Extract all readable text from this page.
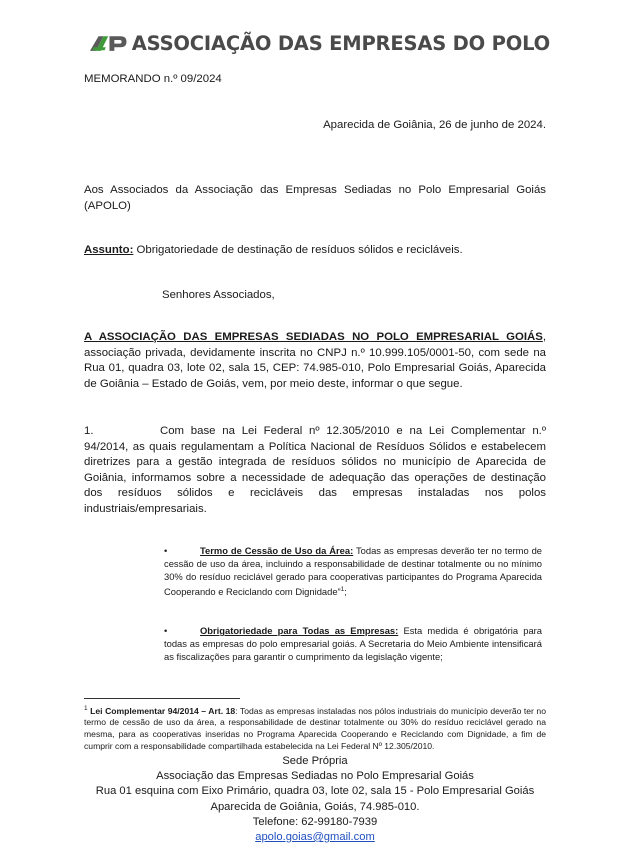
ASSOCIAÇÃO DAS EMPRESAS DO POLO
MEMORANDO n.º 09/2024
Aparecida de Goiânia, 26 de junho de 2024.
Aos Associados da Associação das Empresas Sediadas no Polo Empresarial Goiás (APOLO)
Assunto: Obrigatoriedade de destinação de resíduos sólidos e recicláveis.
Senhores Associados,
A ASSOCIAÇÃO DAS EMPRESAS SEDIADAS NO POLO EMPRESARIAL GOIÁS, associação privada, devidamente inscrita no CNPJ n.º 10.999.105/0001-50, com sede na Rua 01, quadra 03, lote 02, sala 15, CEP: 74.985-010, Polo Empresarial Goiás, Aparecida de Goiânia – Estado de Goiás, vem, por meio deste, informar o que segue.
1.	Com base na Lei Federal nº 12.305/2010 e na Lei Complementar n.º 94/2014, as quais regulamentam a Política Nacional de Resíduos Sólidos e estabelecem diretrizes para a gestão integrada de resíduos sólidos no município de Aparecida de Goiânia, informamos sobre a necessidade de adequação das operações de destinação dos resíduos sólidos e recicláveis das empresas instaladas nos polos industriais/empresariais.
•	Termo de Cessão de Uso da Área: Todas as empresas deverão ter no termo de cessão de uso da área, incluindo a responsabilidade de destinar totalmente ou no mínimo 30% do resíduo reciclável gerado para cooperativas participantes do Programa Aparecida Cooperando e Reciclando com Dignidade”$^1$;
•	Obrigatoriedade para Todas as Empresas: Esta medida é obrigatória para todas as empresas do polo empresarial goiás. A Secretaria do Meio Ambiente intensificará as fiscalizações para garantir o cumprimento da legislação vigente;
$^1$ Lei Complementar 94/2014 – Art. 18: Todas as empresas instaladas nos pólos industriais do município deverão ter no termo de cessão de uso da área, a responsabilidade de destinar totalmente ou 30% do resíduo reciclável gerado na mesma, para as cooperativas inseridas no Programa Aparecida Cooperando e Reciclando com Dignidade, a fim de cumprir com a responsabilidade compartilhada estabelecida na Lei Federal Nº 12.305/2010.
Sede Própria
Associação das Empresas Sediadas no Polo Empresarial Goiás
Rua 01 esquina com Eixo Primário, quadra 03, lote 02, sala 15 - Polo Empresarial Goiás
Aparecida de Goiânia, Goiás, 74.985-010.
Telefone: 62-99180-7939
apolo.goias@gmail.com
